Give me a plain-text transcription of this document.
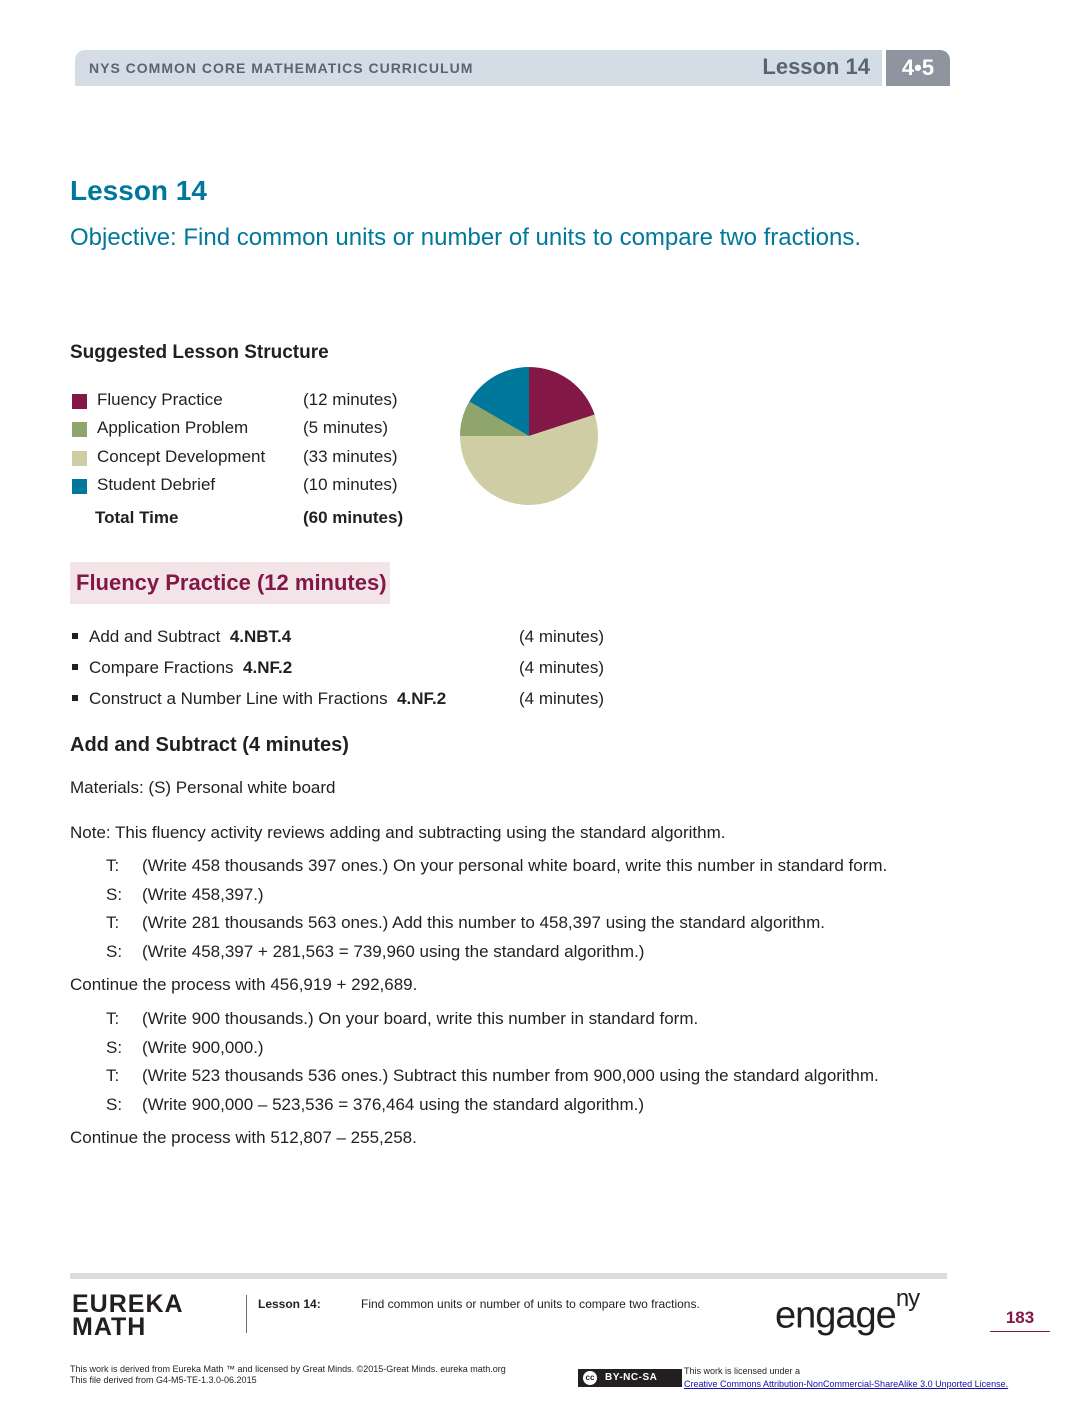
NYS COMMON CORE MATHEMATICS CURRICULUM	Lesson 14	4•5
Lesson 14
Objective: Find common units or number of units to compare two fractions.
Suggested Lesson Structure
Fluency Practice	(12 minutes)
Application Problem	(5 minutes)
Concept Development (33 minutes)
Student Debrief	(10 minutes)
Total Time	(60 minutes)
Fluency Practice (12 minutes)
Add and Subtract 4.NBT.4	(4 minutes)
Compare Fractions 4.NF.2	(4 minutes)
Construct a Number Line with Fractions 4.NF.2	(4 minutes)
Add and Subtract (4 minutes)
Materials: (S) Personal white board
Note: This fluency activity reviews adding and subtracting using the standard algorithm.
T: (Write 458 thousands 397 ones.) On your personal white board, write this number in standard form.
S: (Write 458,397.)
T: (Write 281 thousands 563 ones.) Add this number to 458,397 using the standard algorithm.
S: (Write 458,397 + 281,563 = 739,960 using the standard algorithm.)
Continue the process with 456,919 + 292,689.
T: (Write 900 thousands.) On your board, write this number in standard form.
S: (Write 900,000.)
T: (Write 523 thousands 536 ones.) Subtract this number from 900,000 using the standard algorithm.
S: (Write 900,000 – 523,536 = 376,464 using the standard algorithm.)
Continue the process with 512,807 – 255,258.
EUREKA
MATH
Lesson 14:	Find common units or number of units to compare two fractions. engage$^{ny}$
183
This work is derived from Eureka Math ™ and licensed by Great Minds. ©2015-Great Minds. eureka math.org
This file derived from G4-M5-TE-1.3.0-06.2015	cc BY-NC-SA
This work is licensed under a
Creative Commons Attribution-NonCommercial-ShareAlike 3.0 Unported License.
